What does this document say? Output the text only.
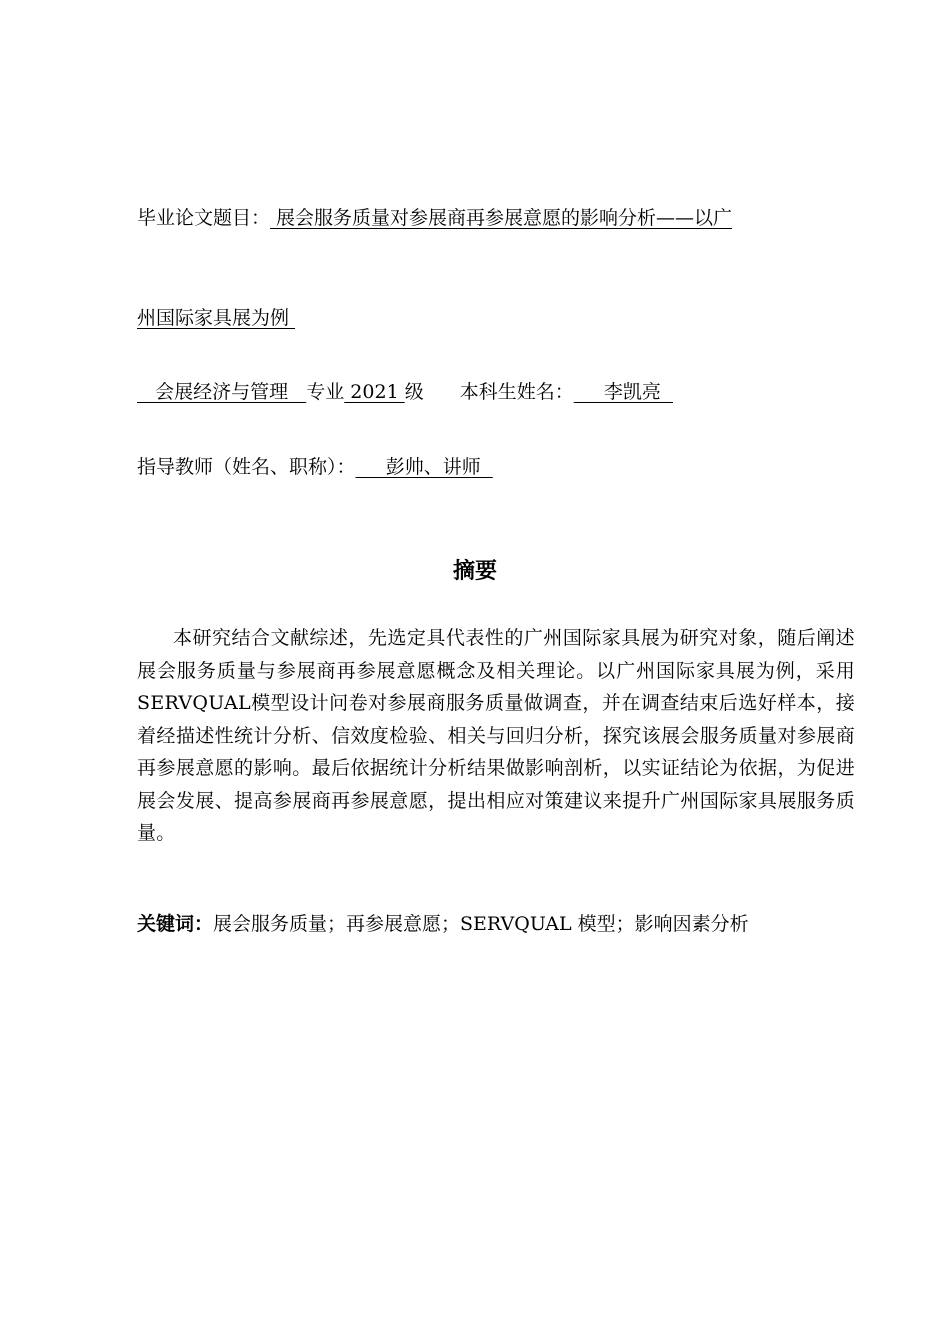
毕业论文题目： 展会服务质量对参展商再参展意愿的影响分析——以广
州国际家具展为例
会展经济与管理   专业 2021 级 本科生姓名：     李凯亮
指导教师（姓名、职称）：     彭帅、讲师
摘要
本研究结合文献综述，先选定具代表性的广州国际家具展为研究对象，随后阐述展会服务质量与参展商再参展意愿概念及相关理论。以广州国际家具展为例，采用SERVQUAL模型设计问卷对参展商服务质量做调查，并在调查结束后选好样本，接着经描述性统计分析、信效度检验、相关与回归分析，探究该展会服务质量对参展商再参展意愿的影响。最后依据统计分析结果做影响剖析，以实证结论为依据，为促进展会发展、提高参展商再参展意愿，提出相应对策建议来提升广州国际家具展服务质量。
关键词：展会服务质量；再参展意愿；SERVQUAL 模型；影响因素分析
